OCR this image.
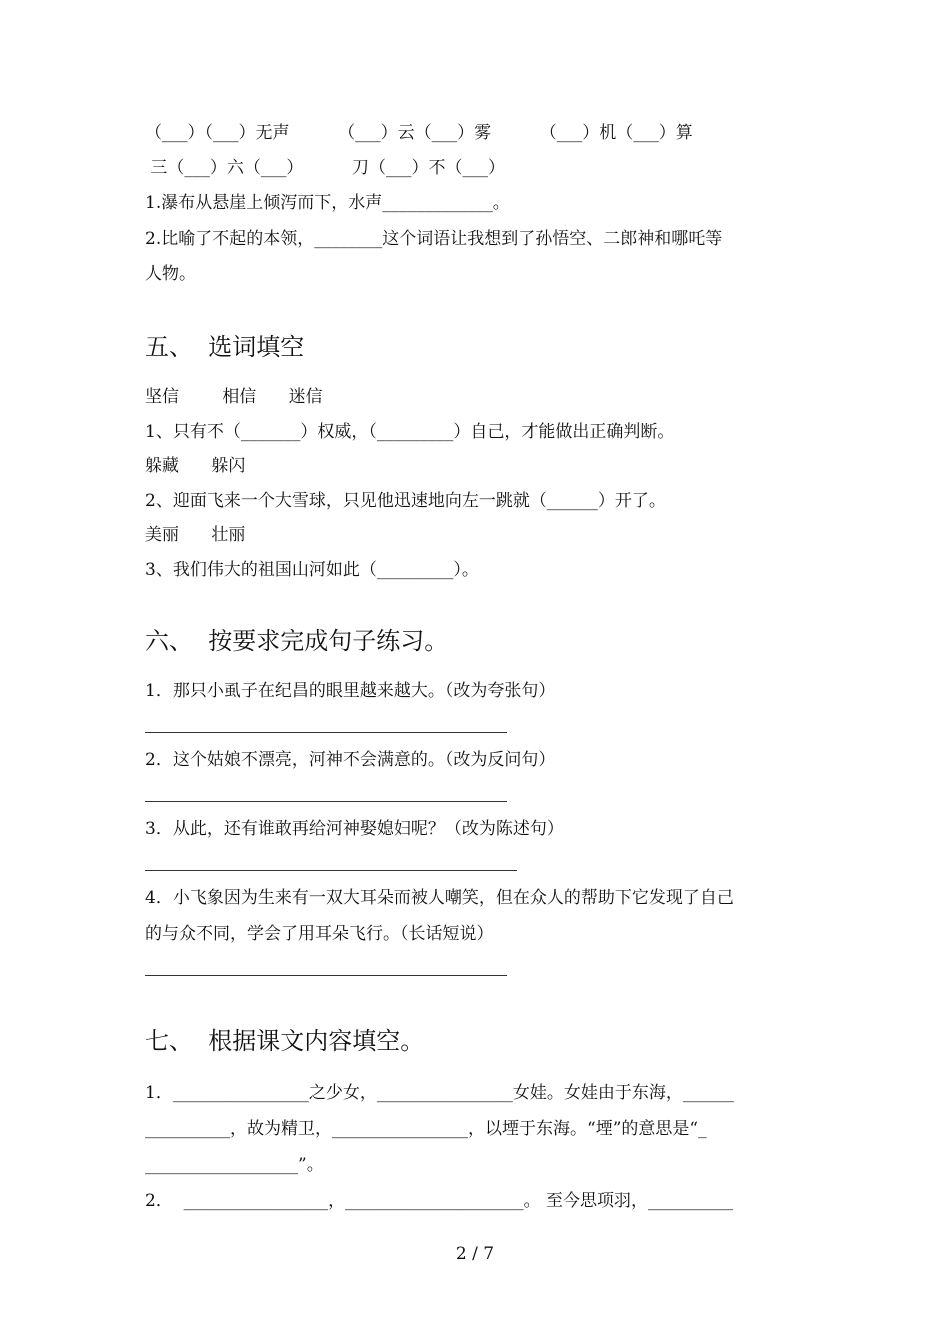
（___）（___）无声         （___）云（___）雾         （___）机（___）算
三（___）六（___）         刀（___）不（___）
1.瀑布从悬崖上倾泻而下，水声_____________。
2.比喻了不起的本领，________这个词语让我想到了孙悟空、二郎神和哪吒等
人物。
五、  选词填空
坚信        相信      迷信
1、只有不（_______）权威，（_________）自己，才能做出正确判断。
躲藏      躲闪
2、迎面飞来一个大雪球，只见他迅速地向左一跳就（______）开了。
美丽      壮丽
3、我们伟大的祖国山河如此（_________）。
六、  按要求完成句子练习。
1．那只小虱子在纪昌的眼里越来越大。（改为夸张句）
2．这个姑娘不漂亮，河神不会满意的。（改为反问句）
3．从此，还有谁敢再给河神娶媳妇呢？（改为陈述句）
4．小飞象因为生来有一双大耳朵而被人嘲笑，但在众人的帮助下它发现了自己
的与众不同，学会了用耳朵飞行。（长话短说）
七、  根据课文内容填空。
1．________________之少女，________________女娃。女娃由于东海，______
__________，故为精卫，________________，以堙于东海。“堙”的意思是“_
__________________”。
2．  _________________，_____________________。 至今思项羽，__________
2 / 7
